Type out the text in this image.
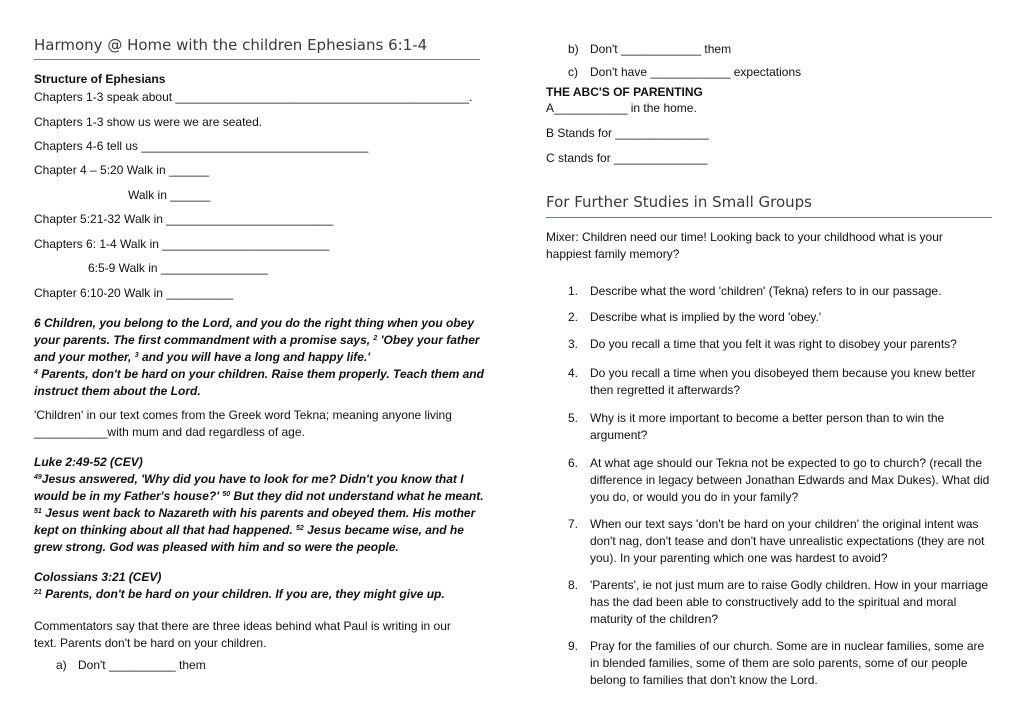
Harmony @ Home with the children Ephesians 6:1-4
Structure of Ephesians
Chapters 1-3 speak about ____________________________________________.
Chapters 1-3 show us were we are seated.
Chapters 4-6 tell us __________________________________
Chapter 4 – 5:20 Walk in ______
Walk in ______
Chapter 5:21-32 Walk in _________________________
Chapters 6: 1-4 Walk in _________________________
6:5-9 Walk in ________________
Chapter 6:10-20 Walk in __________
6 Children, you belong to the Lord, and you do the right thing when you obey
your parents. The first commandment with a promise says, $^2$ 'Obey your father
and your mother, $^3$ and you will have a long and happy life.'
$^4$ Parents, don't be hard on your children. Raise them properly. Teach them and
instruct them about the Lord.
'Children' in our text comes from the Greek word Tekna; meaning anyone living
___________with mum and dad regardless of age.
Luke 2:49-52 (CEV)
$^{49}$Jesus answered, 'Why did you have to look for me? Didn't you know that I
would be in my Father's house?' $^{50}$ But they did not understand what he meant.
$^{51}$ Jesus went back to Nazareth with his parents and obeyed them. His mother
kept on thinking about all that had happened. $^{52}$ Jesus became wise, and he
grew strong. God was pleased with him and so were the people.
Colossians 3:21 (CEV)
$^{21}$ Parents, don't be hard on your children. If you are, they might give up.
Commentators say that there are three ideas behind what Paul is writing in our
text. Parents don't be hard on your children.
a) Don't __________ them
b) Don't ____________ them
c) Don't have ____________ expectations
THE ABC'S OF PARENTING
A___________ in the home.
B Stands for ______________
C stands for ______________
For Further Studies in Small Groups
Mixer: Children need our time! Looking back to your childhood what is your
happiest family memory?
1. Describe what the word 'children' (Tekna) refers to in our passage.
2. Describe what is implied by the word 'obey.'
3. Do you recall a time that you felt it was right to disobey your parents?
4. Do you recall a time when you disobeyed them because you knew better then regretted it afterwards?
5. Why is it more important to become a better person than to win the argument?
6. At what age should our Tekna not be expected to go to church? (recall the difference in legacy between Jonathan Edwards and Max Dukes). What did you do, or would you do in your family?
7. When our text says 'don't be hard on your children' the original intent was don't nag, don't tease and don't have unrealistic expectations (they are not you). In your parenting which one was hardest to avoid?
8. 'Parents', ie not just mum are to raise Godly children. How in your marriage has the dad been able to constructively add to the spiritual and moral maturity of the children?
9. Pray for the families of our church. Some are in nuclear families, some are in blended families, some of them are solo parents, some of our people belong to families that don't know the Lord.
